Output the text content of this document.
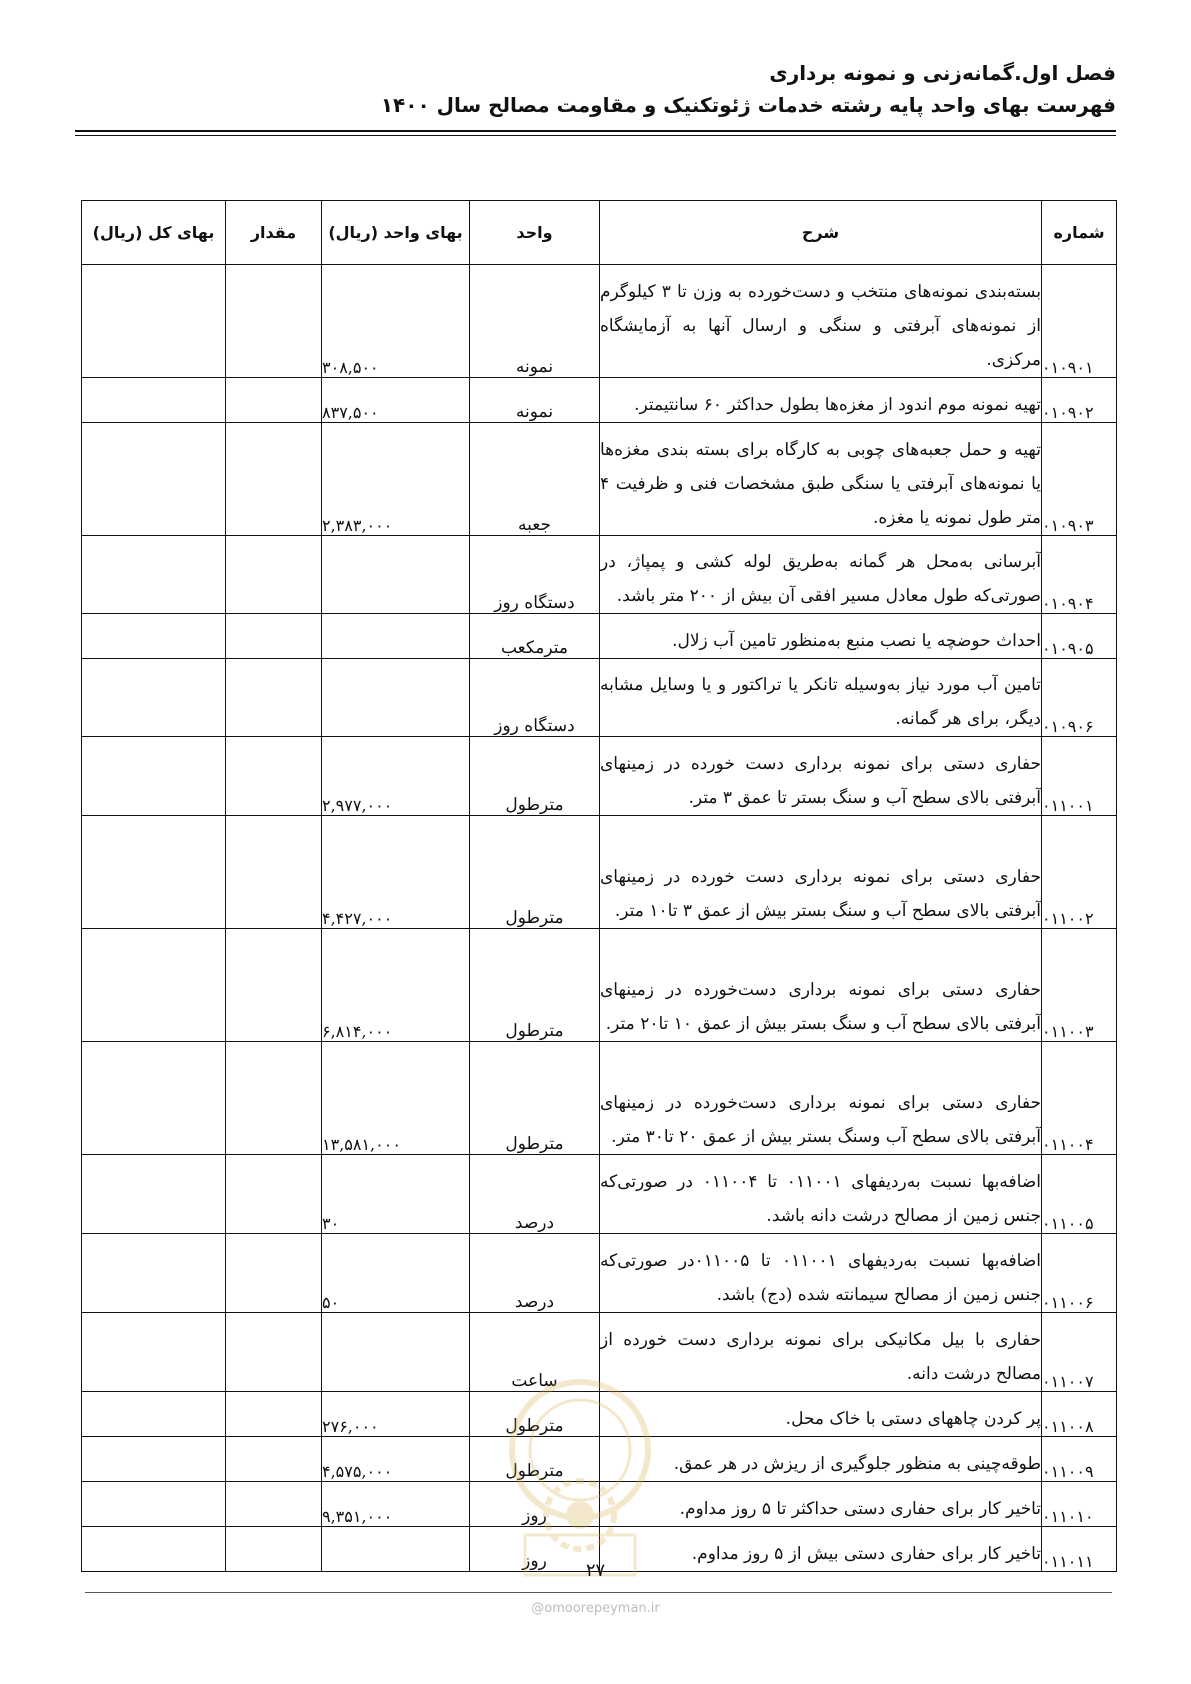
فصل اول.گمانه‌زنی و نمونه برداری
فهرست بهای واحد پایه رشته خدمات ژئوتکنیک و مقاومت مصالح سال ۱۴۰۰
شماره	شرح	واحد	بهای واحد (ریال)	مقدار	بهای کل (ریال)
۰۱۰۹۰۱	بسته‌بندی نمونه‌های منتخب و دست‌خورده به وزن تا ۳ کیلوگرم از نمونه‌های آبرفتی و سنگی و ارسال آنها به آزمایشگاه مرکزی.	نمونه	۳۰۸,۵۰۰		
۰۱۰۹۰۲	تهیه نمونه موم اندود از مغزه‌ها بطول حداکثر ۶۰ سانتیمتر.	نمونه	۸۳۷,۵۰۰		
۰۱۰۹۰۳	تهیه و حمل جعبه‌های چوبی به کارگاه برای بسته بندی مغزه‌ها یا نمونه‌های آبرفتی یا سنگی طبق مشخصات فنی و ظرفیت ۴ متر طول نمونه یا مغزه.	جعبه	۲,۳۸۳,۰۰۰		
۰۱۰۹۰۴	آبرسانی به‌محل هر گمانه به‌طریق لوله کشی و پمپاژ، در صورتی‌که طول معادل مسیر افقی آن بیش از ۲۰۰ متر باشد.	دستگاه روز			
۰۱۰۹۰۵	احداث حوضچه یا نصب منبع به‌منظور تامین آب زلال.	مترمکعب			
۰۱۰۹۰۶	تامین آب مورد نیاز به‌وسیله تانکر یا تراکتور و یا وسایل مشابه دیگر، برای هر گمانه.	دستگاه روز			
۰۱۱۰۰۱	حفاری دستی برای نمونه برداری دست خورده در زمینهای آبرفتی بالای سطح آب و سنگ بستر تا عمق ۳ متر.	مترطول	۲,۹۷۷,۰۰۰		
۰۱۱۰۰۲	حفاری دستی برای نمونه برداری دست خورده در زمینهای آبرفتی بالای سطح آب و سنگ بستر بیش از عمق ۳ تا۱۰ متر.	مترطول	۴,۴۲۷,۰۰۰		
۰۱۱۰۰۳	حفاری دستی برای نمونه برداری دست‌خورده در زمینهای آبرفتی بالای سطح آب و سنگ بستر بیش از عمق ۱۰ تا۲۰ متر.	مترطول	۶,۸۱۴,۰۰۰		
۰۱۱۰۰۴	حفاری دستی برای نمونه برداری دست‌خورده در زمینهای آبرفتی بالای سطح آب وسنگ بستر بیش از عمق ۲۰ تا۳۰ متر.	مترطول	۱۳,۵۸۱,۰۰۰		
۰۱۱۰۰۵	اضافه‌بها نسبت به‌ردیفهای ۰۱۱۰۰۱ تا ۰۱۱۰۰۴ در صورتی‌که جنس زمین از مصالح درشت دانه باشد.	درصد	۳۰		
۰۱۱۰۰۶	اضافه‌بها نسبت به‌ردیفهای ۰۱۱۰۰۱ تا ۰۱۱۰۰۵در صورتی‌که جنس زمین از مصالح سیمانته شده (دج) باشد.	درصد	۵۰		
۰۱۱۰۰۷	حفاری با بیل مکانیکی برای نمونه برداری دست خورده از مصالح درشت دانه.	ساعت			
۰۱۱۰۰۸	پر کردن چاههای دستی با خاک محل.	مترطول	۲۷۶,۰۰۰		
۰۱۱۰۰۹	طوقه‌چینی به منظور جلوگیری از ریزش در هر عمق.	مترطول	۴,۵۷۵,۰۰۰		
۰۱۱۰۱۰	تاخیر کار برای حفاری دستی حداکثر تا ۵ روز مداوم.	روز	۹,۳۵۱,۰۰۰		
۰۱۱۰۱۱	تاخیر کار برای حفاری دستی بیش از ۵ روز مداوم.	روز				۲۷
@omoorepeyman.ir
